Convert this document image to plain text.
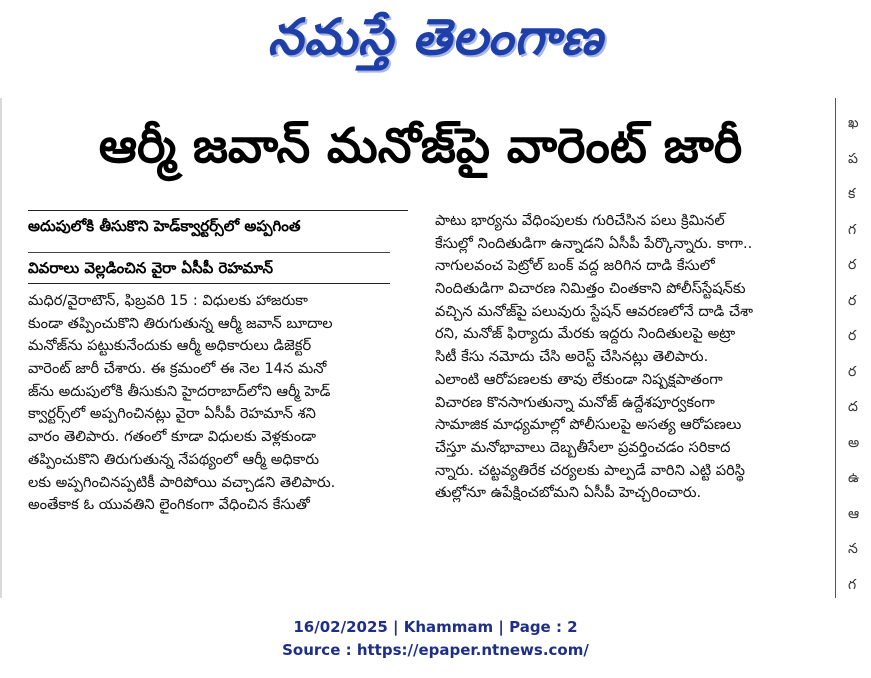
నమస్తే తెలంగాణ
ఖ
ప
క
గ
ర
ర
ర
ర
ద
అ
ఉ
ఆ
న
గ
ఆర్మీ జవాన్ మనోజ్‌పై వారెంట్ జారీ
అదుపులోకి తీసుకొని హెడ్‌క్వార్టర్స్‌లో అప్పగింత
వివరాలు వెల్లడించిన వైరా ఏసీపీ రెహమాన్
మధిర/వైరాటౌన్, ఫిబ్రవరి 15 : విధులకు హాజరుకా
కుండా తప్పించుకొని తిరుగుతున్న ఆర్మీ జవాన్ బూదాల
మనోజ్‌ను పట్టుకునేందుకు ఆర్మీ అధికారులు డిజెక్టర్
వారెంట్ జారీ చేశారు. ఈ క్రమంలో ఈ నెల 14న మనో
జ్‌ను అదుపులోకి తీసుకుని హైదరాబాద్‌లోని ఆర్మీ హెడ్
క్వార్టర్స్‌లో అప్పగించినట్లు వైరా ఏసీపీ రెహమాన్ శని
వారం తెలిపారు. గతంలో కూడా విధులకు వెళ్లకుండా
తప్పించుకొని తిరుగుతున్న నేపథ్యంలో ఆర్మీ అధికారు
లకు అప్పగించినప్పటికీ పారిపోయి వచ్చాడని తెలిపారు.
అంతేకాక ఓ యువతిని లైంగికంగా వేధించిన కేసుతో
పాటు భార్యను వేధింపులకు గురిచేసిన పలు క్రిమినల్
కేసుల్లో నిందితుడిగా ఉన్నాడని ఏసీపీ పేర్కొన్నారు. కాగా..
నాగులవంచ పెట్రోల్ బంక్ వద్ద జరిగిన దాడి కేసులో
నిందితుడిగా విచారణ నిమిత్తం చింతకాని పోలీస్‌స్టేషన్‌కు
వచ్చిన మనోజ్‌పై పలువురు స్టేషన్ ఆవరణలోనే దాడి చేశా
రని, మనోజ్ ఫిర్యాదు మేరకు ఇద్దరు నిందితులపై అట్రా
సిటీ కేసు నమోదు చేసి అరెస్ట్ చేసినట్లు తెలిపారు.
ఎలాంటి ఆరోపణలకు తావు లేకుండా నిష్పక్షపాతంగా
విచారణ కొనసాగుతున్నా మనోజ్ ఉద్దేశపూర్వకంగా
సామాజిక మాధ్యమాల్లో పోలీసులపై అసత్య ఆరోపణలు
చేస్తూ మనోభావాలు దెబ్బతీసేలా ప్రవర్తించడం సరికాద
న్నారు. చట్టవ్యతిరేక చర్యలకు పాల్పడే వారిని ఎట్టి పరిస్థి
తుల్లోనూ ఉపేక్షించబోమని ఏసీపీ హెచ్చరించారు.
16/02/2025 | Khammam | Page : 2
Source : https://epaper.ntnews.com/
